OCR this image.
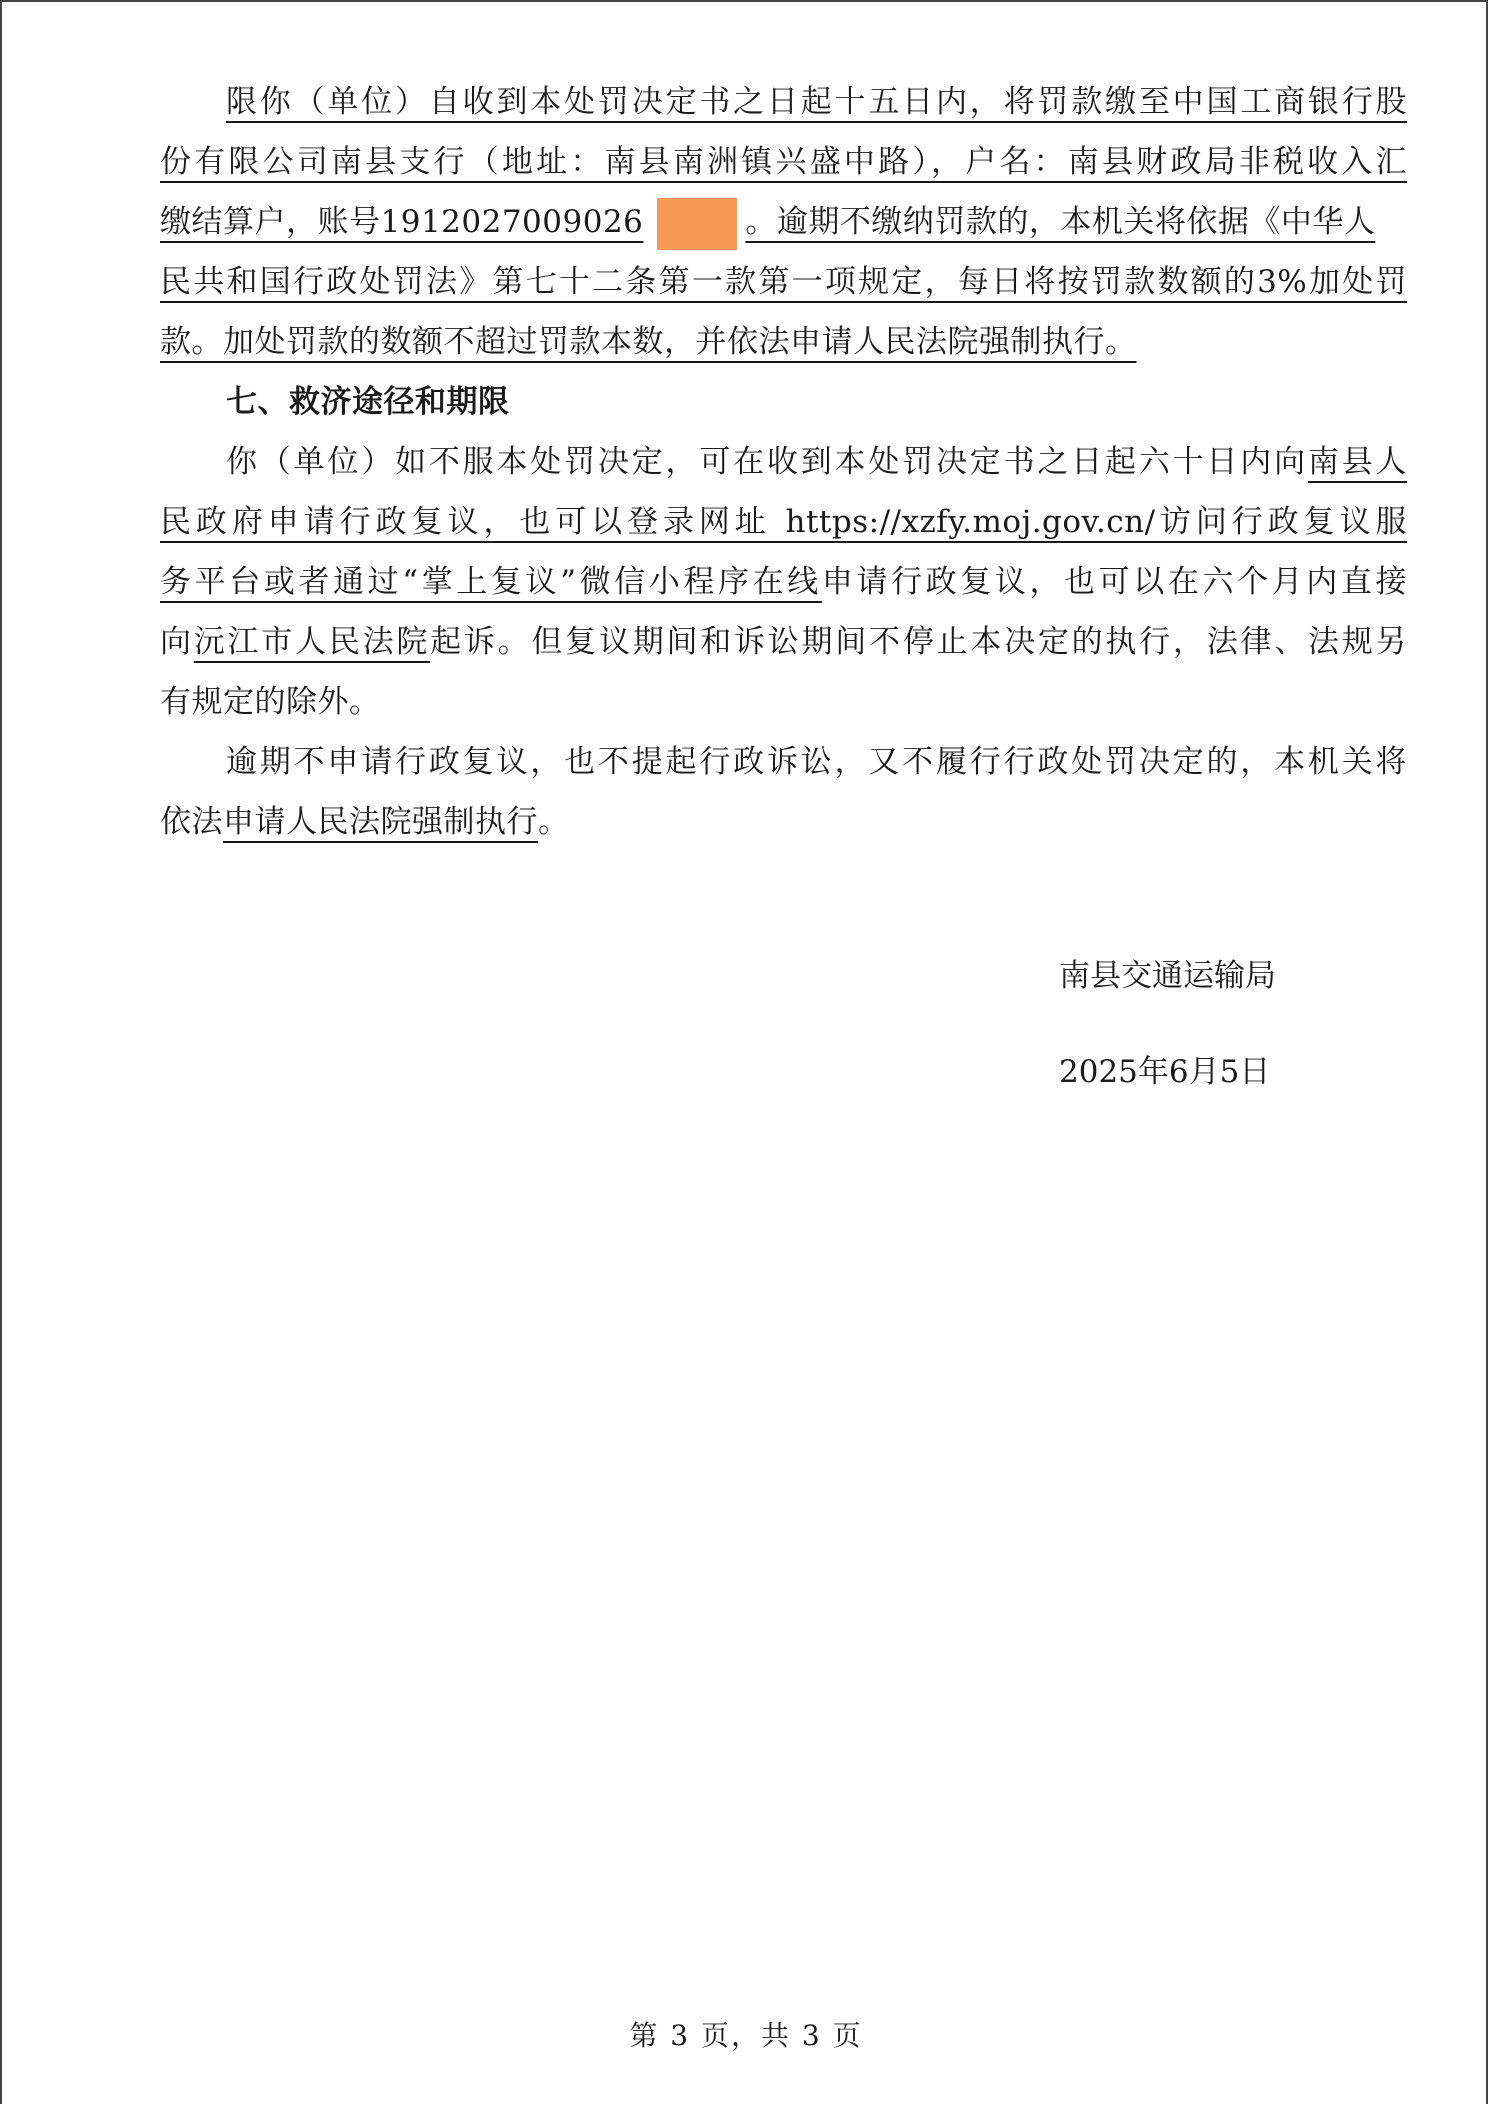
限你（单位）自收到本处罚决定书之日起十五日内，将罚款缴至中国工商银行股
份有限公司南县支行（地址：南县南洲镇兴盛中路），户名：南县财政局非税收入汇
缴结算户，账号1912027009026	。逾期不缴纳罚款的，本机关将依据《中华人
民共和国行政处罚法》第七十二条第一款第一项规定，每日将按罚款数额的3%加处罚
款。加处罚款的数额不超过罚款本数，并依法申请人民法院强制执行。
七、救济途径和期限
你（单位）如不服本处罚决定，可在收到本处罚决定书之日起六十日内向南县人
民政府申请行政复议，也可以登录网址 https://xzfy.moj.gov.cn/访问行政复议服
务平台或者通过“掌上复议”微信小程序在线申请行政复议，也可以在六个月内直接
向沅江市人民法院起诉。但复议期间和诉讼期间不停止本决定的执行，法律、法规另
有规定的除外。
逾期不申请行政复议，也不提起行政诉讼，又不履行行政处罚决定的，本机关将
依法申请人民法院强制执行。
南县交通运输局
2025年6月5日
第 3 页，共 3 页
